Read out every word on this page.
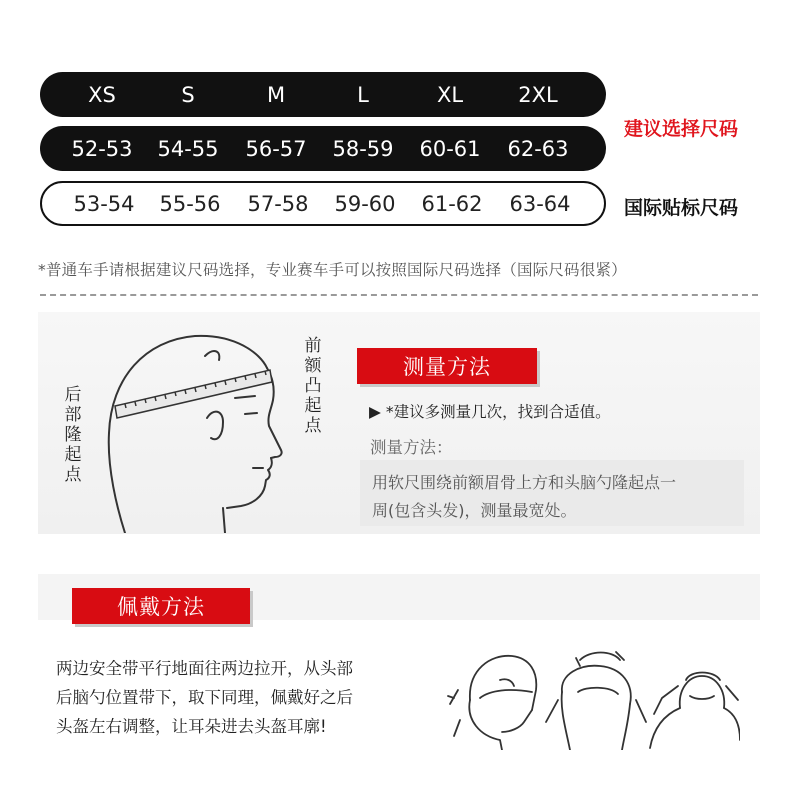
XS	S	M	L	XL	2XL
52-53 54-55 56-57 58-59 60-61 62-63
建议选择尺码
53-54 55-56 57-58 59-60 61-62 63-64	国际贴标尺码
*普通车手请根据建议尺码选择，专业赛车手可以按照国际尺码选择（国际尺码很紧）
后
部
隆
起
点
前
额
凸
起
点
测量方法
▶ *建议多测量几次，找到合适值。
测量方法：
用软尺围绕前额眉骨上方和头脑勺隆起点一
周(包含头发)，测量最宽处。
佩戴方法
两边安全带平行地面往两边拉开，从头部
后脑勺位置带下，取下同理，佩戴好之后
头盔左右调整，让耳朵进去头盔耳廓!
